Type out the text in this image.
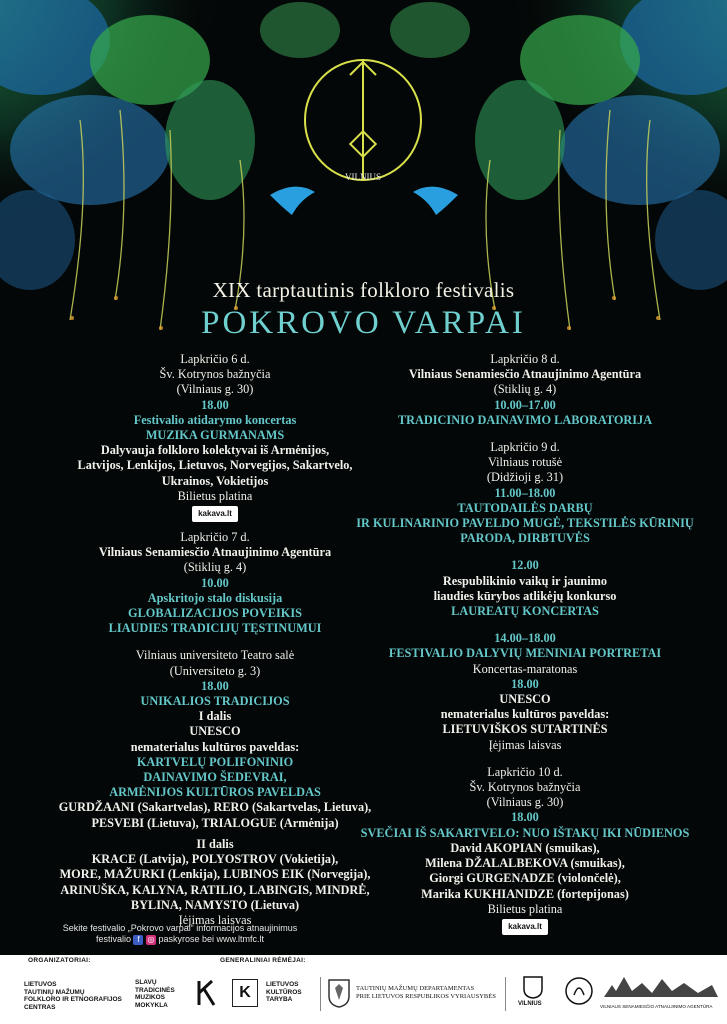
VILNIUS
XIX tarptautinis folkloro festivalis
POKROVO VARPAI

Lapkričio 6 d.

Šv. Kotrynos bažnyčia

(Vilniaus g. 30)

18.00

Festivalio atidarymo koncertas

MUZIKA GURMANAMS

Dalyvauja folkloro kolektyvai iš Armėnijos,

Latvijos, Lenkijos, Lietuvos, Norvegijos, Sakartvelo,

Ukrainos, Vokietijos

Bilietus platina

kakava.lt

Lapkričio 7 d.

Vilniaus Senamiesčio Atnaujinimo Agentūra

(Stiklių g. 4)

10.00

Apskritojo stalo diskusija

GLOBALIZACIJOS POVEIKIS

LIAUDIES TRADICIJŲ TĘSTINUMUI

Vilniaus universiteto Teatro salė

(Universiteto g. 3)

18.00

UNIKALIOS TRADICIJOS

I dalis

UNESCO

nematerialus kultūros paveldas:

KARTVELŲ POLIFONINIO

DAINAVIMO ŠEDEVRAI,

ARMĖNIJOS KULTŪROS PAVELDAS

GURDŽAANI (Sakartvelas), RERO (Sakartvelas, Lietuva),

PESVEBI (Lietuva), TRIALOGUE (Armėnija)

II dalis

KRACE (Latvija), POLYOSTROV (Vokietija),

MORE, MAŽURKI (Lenkija), LUBINOS EIK (Norvegija),

ARINUŠKA, KALYNA, RATILIO, LABINGIS, MINDRĖ,

BYLINA, NAMYSTO (Lietuva)

Įėjimas laisvas

Lapkričio 8 d.

Vilniaus Senamiesčio Atnaujinimo Agentūra

(Stiklių g. 4)

10.00–17.00

TRADICINIO DAINAVIMO LABORATORIJA

Lapkričio 9 d.

Vilniaus rotušė

(Didžioji g. 31)

11.00–18.00

TAUTODAILĖS DARBŲ

IR KULINARINIO PAVELDO MUGĖ, TEKSTILĖS KŪRINIŲ

PARODA, DIRBTUVĖS

12.00

Respublikinio vaikų ir jaunimo

liaudies kūrybos atlikėjų konkurso

LAUREATŲ KONCERTAS

14.00–18.00

FESTIVALIO DALYVIŲ MENINIAI PORTRETAI

Koncertas-maratonas

18.00

UNESCO

nematerialus kultūros paveldas:

LIETUVIŠKOS SUTARTINĖS

Įėjimas laisvas

Lapkričio 10 d.

Šv. Kotrynos bažnyčia

(Vilniaus g. 30)

18.00

SVEČIAI IŠ SAKARTVELO: NUO IŠTAKŲ IKI NŪDIENOS

David AKOPIAN (smuikas),

Milena DŽALALBEKOVA (smuikas),

Giorgi GURGENADZE (violončelė),

Marika KUKHIANIDZE (fortepijonas)

Bilietus platina

kakava.lt

Sekite festivalio „Pokrovo varpai“ informacijos atnaujinimus
festivalio f ◎ paskyrose bei www.ltmfc.lt
ORGANIZATORIAI:	GENERALINIAI RĖMĖJAI:
LIETUVOS
TAUTINIŲ MAŽUMŲ
FOLKLORO IR ETNOGRAFIJOS
CENTRAS
SLAVŲ
TRADICINĖS
MUZIKOS
MOKYKLA
K	LIETUVOS
KULTŪROS
TARYBA
TAUTINIŲ MAŽUMŲ DEPARTAMENTAS
PRIE LIETUVOS RESPUBLIKOS VYRIAUSYBĖS
VILNIUS	VILNIAUS SENAMIESČIO ATNAUJINIMO AGENTŪRA
